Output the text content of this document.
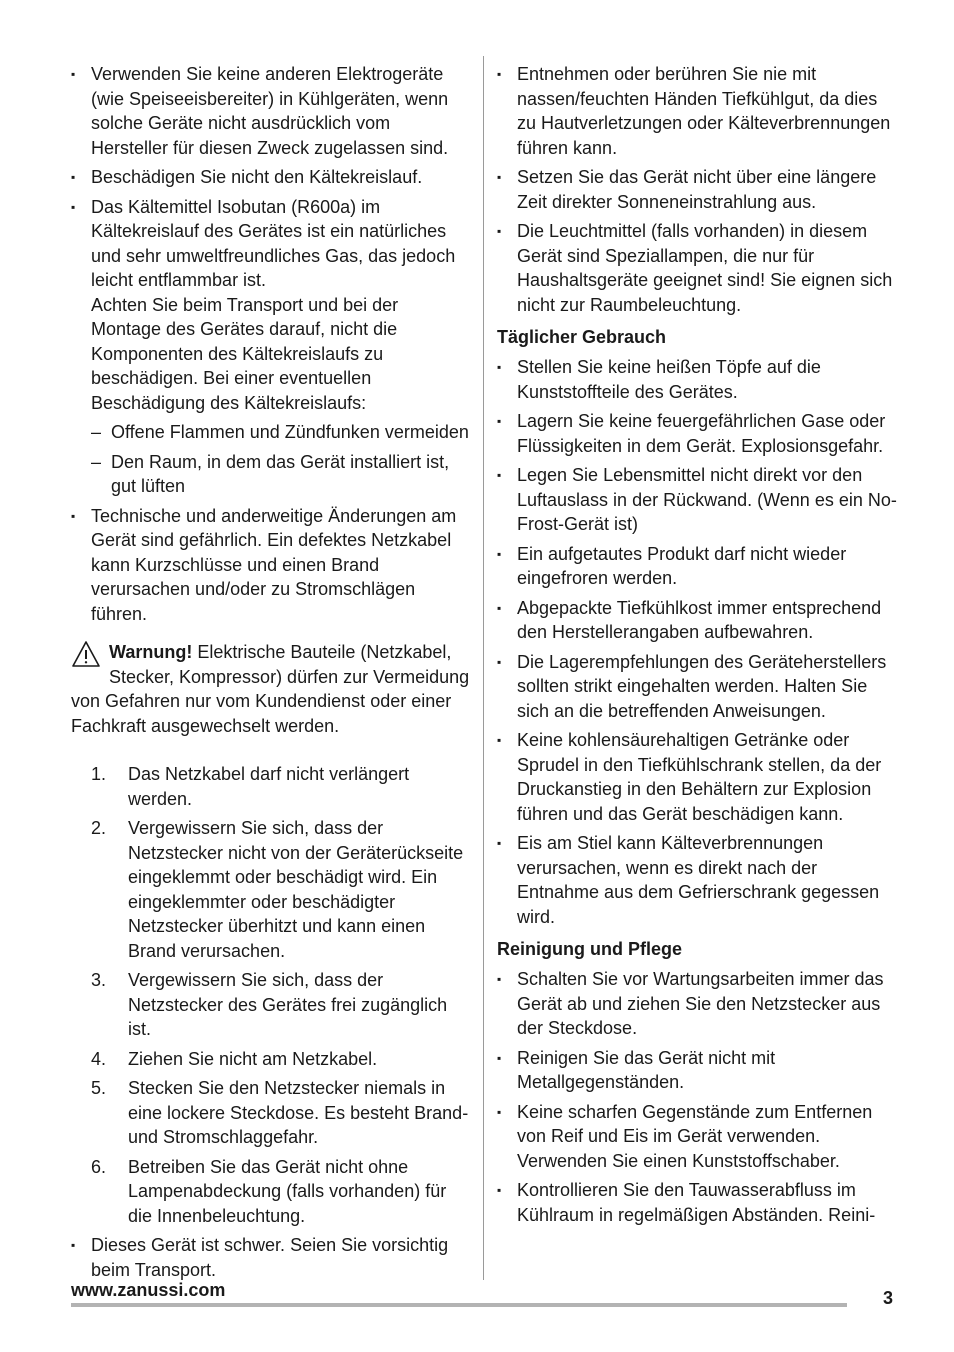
▪ Verwenden Sie keine anderen Elektrogeräte (wie Speiseeisbereiter) in Kühlgeräten, wenn solche Geräte nicht ausdrücklich vom Hersteller für diesen Zweck zugelassen sind.
▪ Beschädigen Sie nicht den Kältekreislauf.
▪ Das Kältemittel Isobutan (R600a) im Kältekreislauf des Gerätes ist ein natürliches und sehr umweltfreundliches Gas, das jedoch leicht entflammbar ist.
Achten Sie beim Transport und bei der Montage des Gerätes darauf, nicht die Komponenten des Kältekreislaufs zu beschädigen. Bei einer eventuellen Beschädigung des Kältekreislaufs:
– Offene Flammen und Zündfunken vermeiden
– Den Raum, in dem das Gerät installiert ist, gut lüften
▪ Technische und anderweitige Änderungen am Gerät sind gefährlich. Ein defektes Netzkabel kann Kurzschlüsse und einen Brand verursachen und/oder zu Stromschlägen führen.
Warnung! Elektrische Bauteile (Netzkabel, Stecker, Kompressor) dürfen zur Vermeidung von Gefahren nur vom Kundendienst oder einer Fachkraft ausgewechselt werden.
1. Das Netzkabel darf nicht verlängert werden.
2. Vergewissern Sie sich, dass der Netzstecker nicht von der Geräterückseite eingeklemmt oder beschädigt wird. Ein eingeklemmter oder beschädigter Netzstecker überhitzt und kann einen Brand verursachen.
3. Vergewissern Sie sich, dass der Netzstecker des Gerätes frei zugänglich ist.
4. Ziehen Sie nicht am Netzkabel.
5. Stecken Sie den Netzstecker niemals in eine lockere Steckdose. Es besteht Brand- und Stromschlaggefahr.
6. Betreiben Sie das Gerät nicht ohne Lampenabdeckung (falls vorhanden) für die Innenbeleuchtung.
▪ Dieses Gerät ist schwer. Seien Sie vorsichtig beim Transport.
▪ Entnehmen oder berühren Sie nie mit nassen/feuchten Händen Tiefkühlgut, da dies zu Hautverletzungen oder Kälteverbrennungen führen kann.
▪ Setzen Sie das Gerät nicht über eine längere Zeit direkter Sonneneinstrahlung aus.
▪ Die Leuchtmittel (falls vorhanden) in diesem Gerät sind Speziallampen, die nur für Haushaltsgeräte geeignet sind! Sie eignen sich nicht zur Raumbeleuchtung.
Täglicher Gebrauch
▪ Stellen Sie keine heißen Töpfe auf die Kunststoffteile des Gerätes.
▪ Lagern Sie keine feuergefährlichen Gase oder Flüssigkeiten in dem Gerät. Explosionsgefahr.
▪ Legen Sie Lebensmittel nicht direkt vor den Luftauslass in der Rückwand. (Wenn es ein No-Frost-Gerät ist)
▪ Ein aufgetautes Produkt darf nicht wieder eingefroren werden.
▪ Abgepackte Tiefkühlkost immer entsprechend den Herstellerangaben aufbewahren.
▪ Die Lagerempfehlungen des Geräteherstellers sollten strikt eingehalten werden. Halten Sie sich an die betreffenden Anweisungen.
▪ Keine kohlensäurehaltigen Getränke oder Sprudel in den Tiefkühlschrank stellen, da der Druckanstieg in den Behältern zur Explosion führen und das Gerät beschädigen kann.
▪ Eis am Stiel kann Kälteverbrennungen verursachen, wenn es direkt nach der Entnahme aus dem Gefrierschrank gegessen wird.
Reinigung und Pflege
▪ Schalten Sie vor Wartungsarbeiten immer das Gerät ab und ziehen Sie den Netzstecker aus der Steckdose.
▪ Reinigen Sie das Gerät nicht mit Metallgegenständen.
▪ Keine scharfen Gegenstände zum Entfernen von Reif und Eis im Gerät verwenden. Verwenden Sie einen Kunststoffschaber.
▪ Kontrollieren Sie den Tauwasserabfluss im Kühlraum in regelmäßigen Abständen. Reini-
www.zanussi.com	3
